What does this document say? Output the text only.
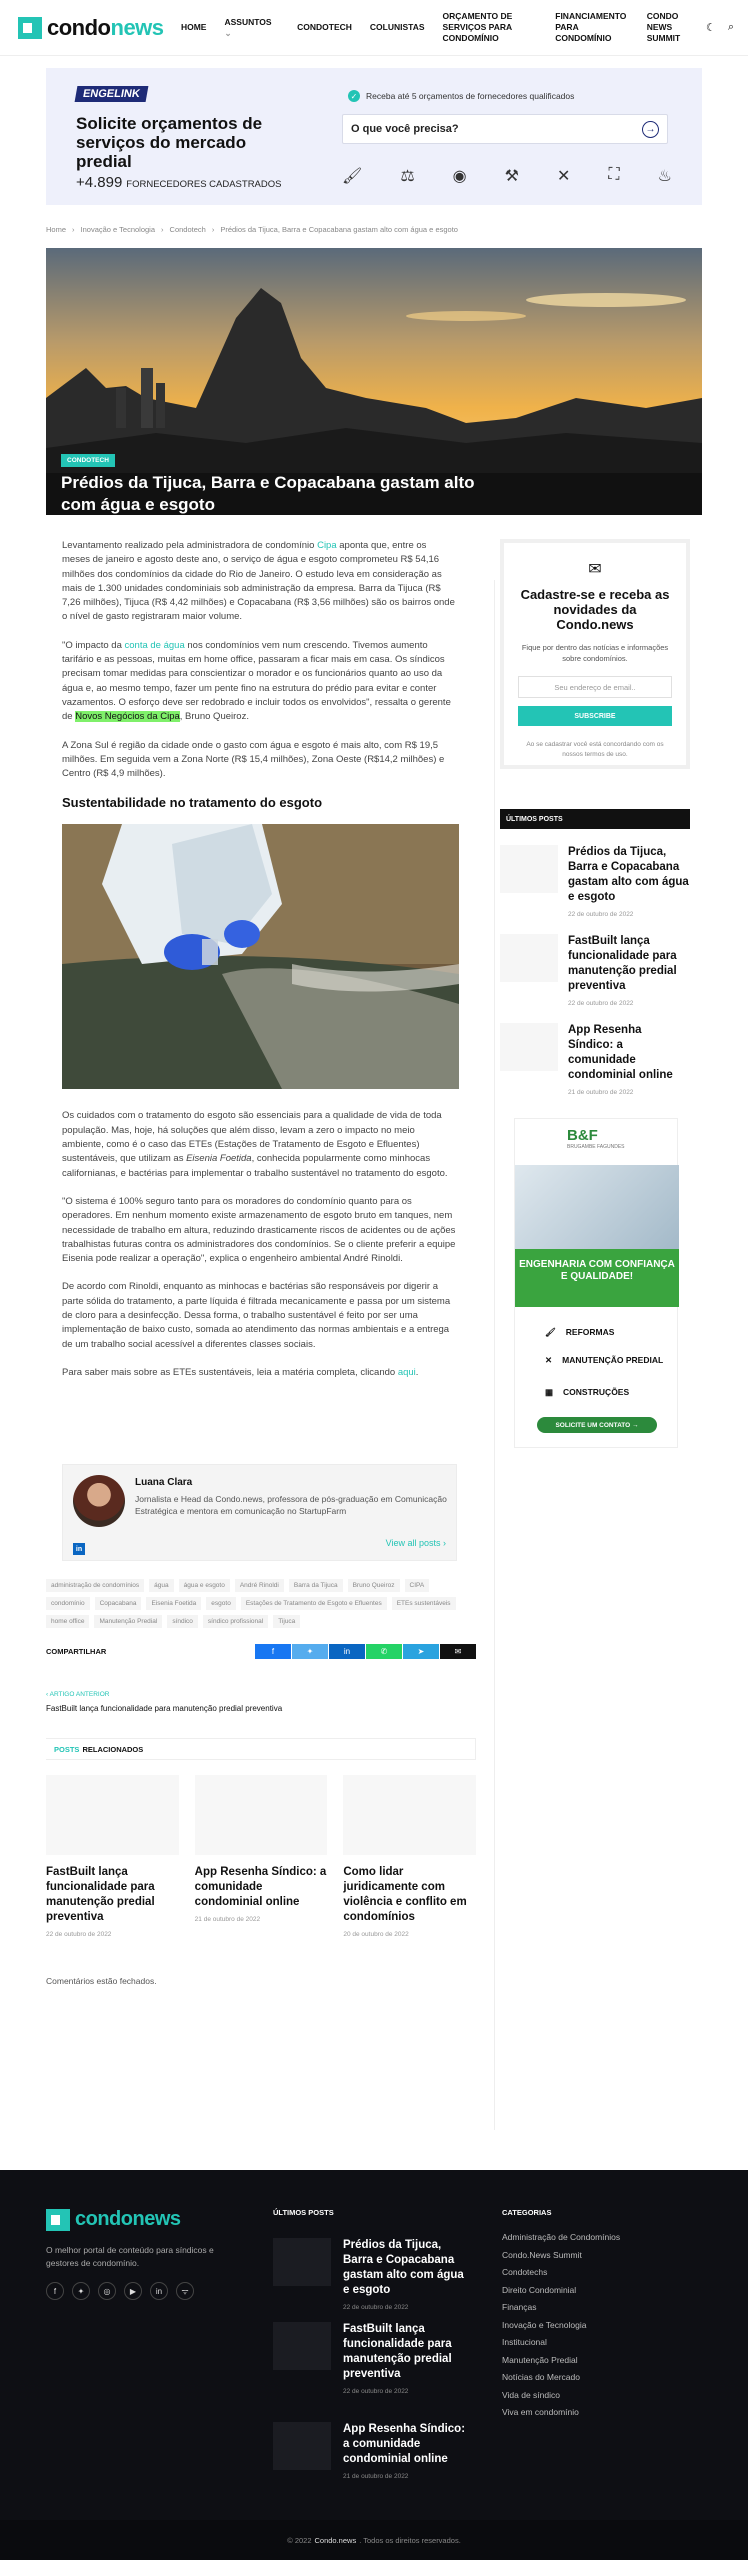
condonews	HOME
ASSUNTOS ⌄
CONDOTECH	COLUNISTAS
ORÇAMENTO DE SERVIÇOS PARA CONDOMÍNIO
FINANCIAMENTO PARA CONDOMÍNIO
CONDO NEWS SUMMIT
☾ ⌕
ENGELINK
Solicite orçamentos de serviços do mercado predial
+4.899 FORNECEDORES CADASTRADOS
✓	Receba até 5 orçamentos de fornecedores qualificados
O que você precisa?	→
🖌 ⚖ ◉ ⚒ ✕ ⛶ ♨
Home › Inovação e Tecnologia › Condotech › Prédios da Tijuca, Barra e Copacabana gastam alto com água e esgoto
CONDOTECH
Prédios da Tijuca, Barra e Copacabana gastam alto com água e esgoto

Levantamento realizado pela administradora de condomínio Cipa aponta que, entre os meses de janeiro e agosto deste ano, o serviço de água e esgoto comprometeu R$ 54,16 milhões dos condomínios da cidade do Rio de Janeiro. O estudo leva em consideração as mais de 1.300 unidades condominiais sob administração da empresa. Barra da Tijuca (R$ 7,26 milhões), Tijuca (R$ 4,42 milhões) e Copacabana (R$ 3,56 milhões) são os bairros onde o nível de gasto registraram maior volume.

"O impacto da conta de água nos condomínios vem num crescendo. Tivemos aumento tarifário e as pessoas, muitas em home office, passaram a ficar mais em casa. Os síndicos precisam tomar medidas para conscientizar o morador e os funcionários quanto ao uso da água e, ao mesmo tempo, fazer um pente fino na estrutura do prédio para evitar e conter vazamentos. O esforço deve ser redobrado e incluir todos os envolvidos", ressalta o gerente de Novos Negócios da Cipa, Bruno Queiroz.

A Zona Sul é região da cidade onde o gasto com água e esgoto é mais alto, com R$ 19,5 milhões. Em seguida vem a Zona Norte (R$ 15,4 milhões), Zona Oeste (R$14,2 milhões) e Centro (R$ 4,9 milhões).

Sustentabilidade no tratamento do esgoto

Os cuidados com o tratamento do esgoto são essenciais para a qualidade de vida de toda população. Mas, hoje, há soluções que além disso, levam a zero o impacto no meio ambiente, como é o caso das ETEs (Estações de Tratamento de Esgoto e Efluentes) sustentáveis, que utilizam as Eisenia Foetida, conhecida popularmente como minhocas californianas, e bactérias para implementar o trabalho sustentável no tratamento do esgoto.

"O sistema é 100% seguro tanto para os moradores do condomínio quanto para os operadores. Em nenhum momento existe armazenamento de esgoto bruto em tanques, nem necessidade de trabalho em altura, reduzindo drasticamente riscos de acidentes ou de ações trabalhistas futuras contra os administradores dos condomínios. Se o cliente preferir a equipe Eisenia pode realizar a operação", explica o engenheiro ambiental André Rinoldi.

De acordo com Rinoldi, enquanto as minhocas e bactérias são responsáveis por digerir a parte sólida do tratamento, a parte líquida é filtrada mecanicamente e passa por um sistema de cloro para a desinfecção. Dessa forma, o trabalho sustentável é feito por ser uma implementação de baixo custo, somada ao atendimento das normas ambientais e a entrega de um trabalho social acessível a diferentes classes sociais.

Para saber mais sobre as ETEs sustentáveis, leia a matéria completa, clicando aqui.

Luana Clara
Jornalista e Head da Condo.news, professora de pós-graduação em Comunicação Estratégica e mentora em comunicação no StartupFarm
in
View all posts ›
administração de condomínios	água	água e esgoto	André Rinoldi	Barra da Tijuca	Bruno Queiroz	CIPA
condomínio	Copacabana	Eisenia Foetida	esgoto	Estações de Tratamento de Esgoto e Efluentes	ETEs sustentáveis
home office	Manutenção Predial	síndico	síndico profissional	Tijuca
COMPARTILHAR	f	✦	in	✆	➤	✉
‹ ARTIGO ANTERIOR
FastBuilt lança funcionalidade para manutenção predial preventiva
POSTS RELACIONADOS
FastBuilt lança funcionalidade para manutenção predial preventiva
22 de outubro de 2022
App Resenha Síndico: a comunidade condominial online
21 de outubro de 2022
Como lidar juridicamente com violência e conflito em condomínios
20 de outubro de 2022
Comentários estão fechados.
✉
Cadastre-se e receba as novidades da Condo.news
Fique por dentro das notícias e informações sobre condomínios.
Seu endereço de email..
SUBSCRIBE
Ao se cadastrar você está concordando com os nossos termos de uso.
ÚLTIMOS POSTS
Prédios da Tijuca, Barra e Copacabana gastam alto com água e esgoto
22 de outubro de 2022
FastBuilt lança funcionalidade para manutenção predial preventiva
22 de outubro de 2022
App Resenha Síndico: a comunidade condominial online
21 de outubro de 2022
B&F
BRUGAMBE FAGUNDES
ENGENHARIA COM CONFIANÇA E QUALIDADE!
🖌 REFORMAS
✕ MANUTENÇÃO PREDIAL
▦ CONSTRUÇÕES
SOLICITE UM CONTATO →
condonews
O melhor portal de conteúdo para síndicos e gestores de condomínio.
f	✦	◎	▶	in	ᯤ
ÚLTIMOS POSTS
Prédios da Tijuca, Barra e Copacabana gastam alto com água e esgoto
22 de outubro de 2022
FastBuilt lança funcionalidade para manutenção predial preventiva
22 de outubro de 2022
App Resenha Síndico: a comunidade condominial online
21 de outubro de 2022
CATEGORIAS
Administração de Condomínios
Condo.News Summit
Condotechs
Direito Condominial
Finanças
Inovação e Tecnologia
Institucional
Manutenção Predial
Notícias do Mercado
Vida de síndico
Viva em condomínio
© 2022 Condo.news . Todos os direitos reservados.
